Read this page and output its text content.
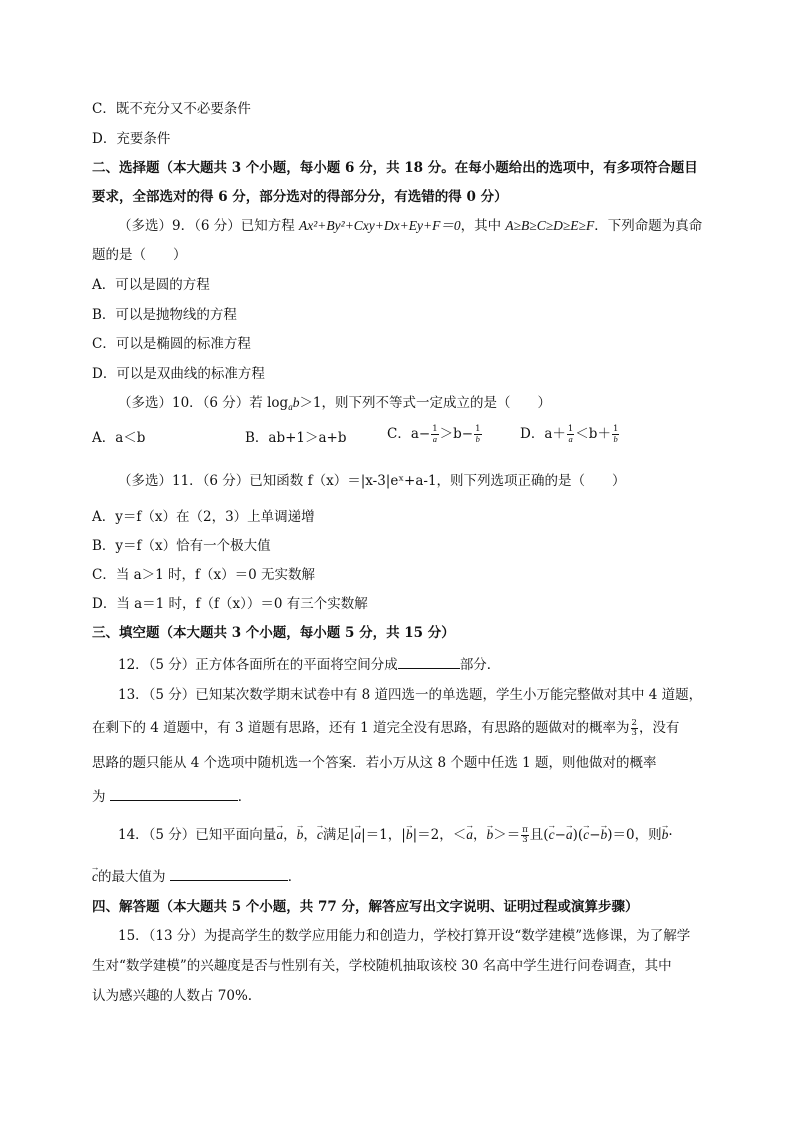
C．既不充分又不必要条件
D．充要条件
二、选择题（本大题共 3 个小题，每小题 6 分，共 18 分。在每小题给出的选项中，有多项符合题目
要求，全部选对的得 6 分，部分选对的得部分分，有选错的得 0 分）
（多选）9．（6 分）已知方程 Ax²+By²+Cxy+Dx+Ey+F＝0，其中 A≥B≥C≥D≥E≥F．下列命题为真命
题的是（　　）
A．可以是圆的方程
B．可以是抛物线的方程
C．可以是椭圆的标准方程
D．可以是双曲线的标准方程
（多选）10．（6 分）若 $\log_ab>1$，则下列不等式一定成立的是（　　）
A．a＜b	B．ab+1＞a+b	C．$a- \frac{1}{a} >b- \frac{1}{b}$	D．$a+ \frac{1}{a} <b+ \frac{1}{b}$
（多选）11．（6 分）已知函数 f（x）＝|x-3|eˣ+a-1，则下列选项正确的是（　　）
A．y＝f（x）在（2，3）上单调递增
B．y＝f（x）恰有一个极大值
C．当 a＞1 时，f（x）＝0 无实数解
D．当 a＝1 时，f（f（x））＝0 有三个实数解
三、填空题（本大题共 3 个小题，每小题 5 分，共 15 分）
12．（5 分）正方体各面所在的平面将空间分成	部分．
13．（5 分）已知某次数学期末试卷中有 8 道四选一的单选题，学生小万能完整做对其中 4 道题，
在剩下的 4 道题中，有 3 道题有思路，还有 1 道完全没有思路，有思路的题做对的概率为 $\frac{2}{3}$ ，没有
思路的题只能从 4 个选项中随机选一个答案．若小万从这 8 个题中任选 1 题，则他做对的概率
为	．
14．（5 分）已知平面向量→ a，→ b，→ c满足|→ a|＝1，|→ b|＝2，＜→ a，→ $b>= \frac{\pi}{3}$ 且(→ c−→ a)(→ c−→ b)＝0，则→ b·
→ c的最大值为	．
四、解答题（本大题共 5 个小题，共 77 分，解答应写出文字说明、证明过程或演算步骤）
15．（13 分）为提高学生的数学应用能力和创造力，学校打算开设“数学建模”选修课，为了解学
生对“数学建模”的兴趣度是否与性别有关，学校随机抽取该校 30 名高中学生进行问卷调查，其中
认为感兴趣的人数占 70%.
